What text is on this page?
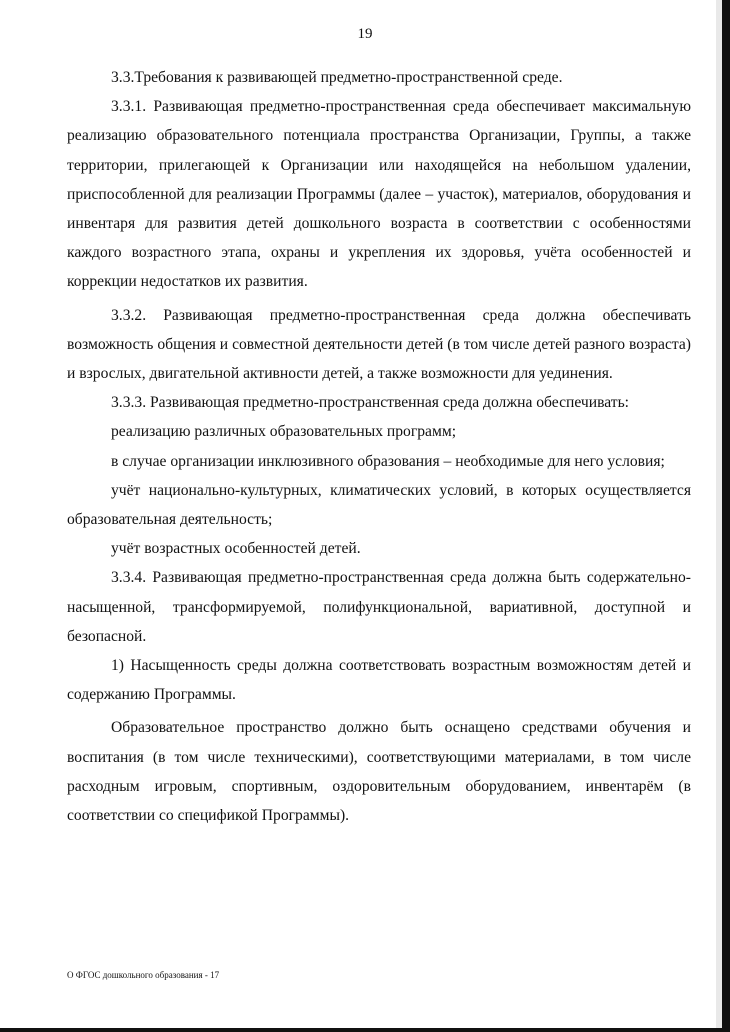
19

3.3.Требования к развивающей предметно-пространственной среде.

3.3.1. Развивающая предметно-пространственная среда обеспечивает максимальную реализацию образовательного потенциала пространства Организации, Группы, а также территории, прилегающей к Организации или находящейся на небольшом удалении, приспособленной для реализации Программы (далее – участок), материалов, оборудования и инвентаря для развития детей дошкольного возраста в соответствии с особенностями каждого возрастного этапа, охраны и укрепления их здоровья, учёта особенностей и коррекции недостатков их развития.

3.3.2. Развивающая предметно-пространственная среда должна обеспечивать возможность общения и совместной деятельности детей (в том числе детей разного возраста) и взрослых, двигательной активности детей, а также возможности для уединения.

3.3.3. Развивающая предметно-пространственная среда должна обеспечивать:

реализацию различных образовательных программ;

в случае организации инклюзивного образования – необходимые для него условия;

учёт национально-культурных, климатических условий, в которых осуществляется образовательная деятельность;

учёт возрастных особенностей детей.

3.3.4. Развивающая предметно-пространственная среда должна быть содержательно-насыщенной, трансформируемой, полифункциональной, вариативной, доступной и безопасной.

1) Насыщенность среды должна соответствовать возрастным возможностям детей и содержанию Программы.

Образовательное пространство должно быть оснащено средствами обучения и воспитания (в том числе техническими), соответствующими материалами, в том числе расходным игровым, спортивным, оздоровительным оборудованием, инвентарём (в соответствии со спецификой Программы).

О ФГОС дошкольного образования - 17
